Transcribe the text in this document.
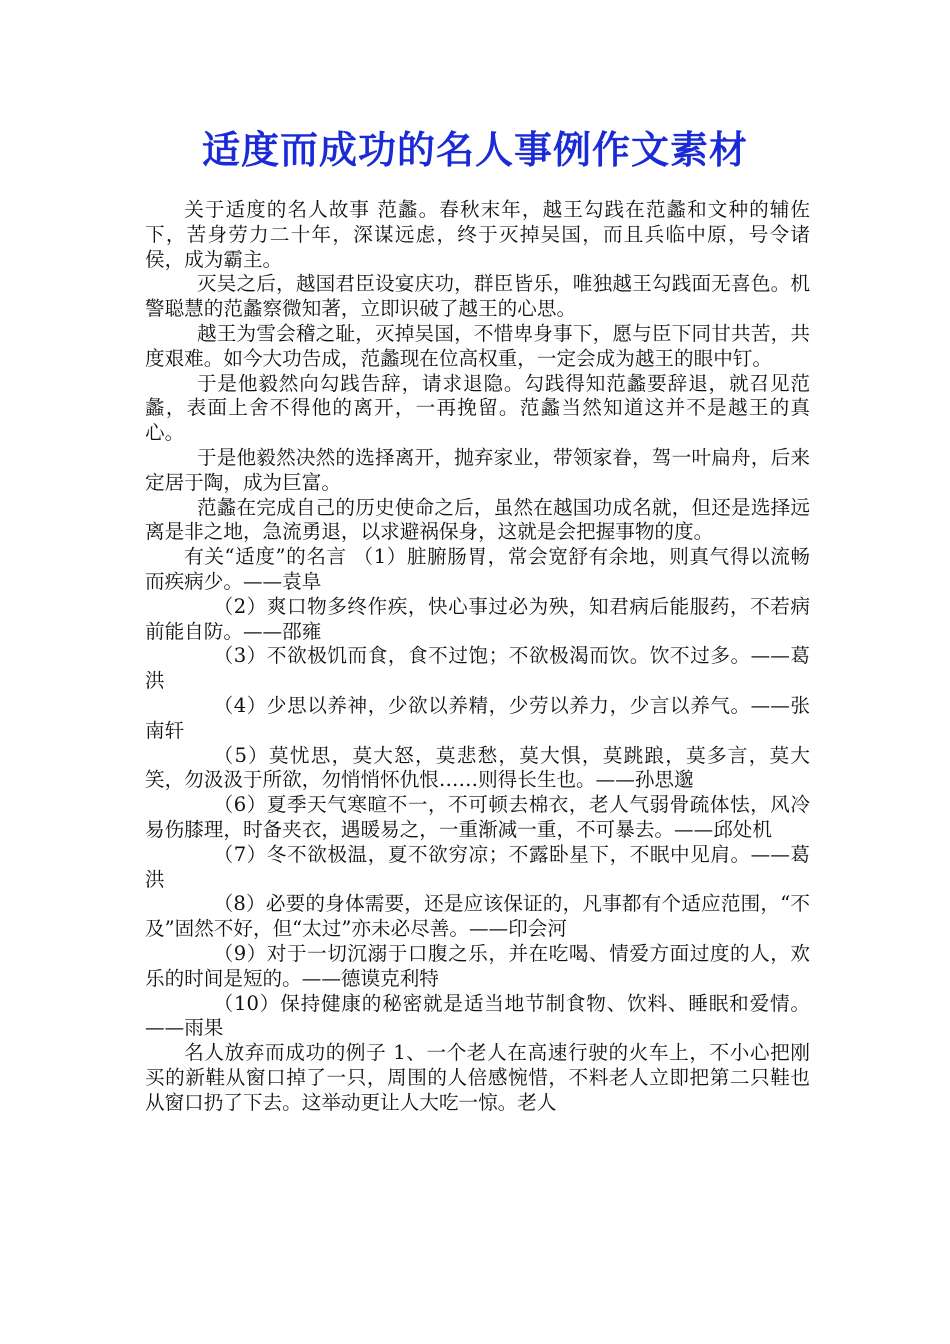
适度而成功的名人事例作文素材

关于适度的名人故事 范蠡。春秋末年，越王勾践在范蠡和文种的辅佐下，苦身劳力二十年，深谋远虑，终于灭掉吴国，而且兵临中原，号令诸侯，成为霸主。

灭吴之后，越国君臣设宴庆功，群臣皆乐，唯独越王勾践面无喜色。机警聪慧的范蠡察微知著，立即识破了越王的心思。

越王为雪会稽之耻，灭掉吴国，不惜卑身事下，愿与臣下同甘共苦，共度艰难。如今大功告成，范蠡现在位高权重，一定会成为越王的眼中钉。

于是他毅然向勾践告辞，请求退隐。勾践得知范蠡要辞退，就召见范蠡，表面上舍不得他的离开，一再挽留。范蠡当然知道这并不是越王的真心。

于是他毅然决然的选择离开，抛弃家业，带领家眷，驾一叶扁舟，后来定居于陶，成为巨富。

范蠡在完成自己的历史使命之后，虽然在越国功成名就，但还是选择远离是非之地，急流勇退，以求避祸保身，这就是会把握事物的度。

有关“适度”的名言 （1）脏腑肠胃，常会宽舒有余地，则真气得以流畅而疾病少。——袁阜

（2）爽口物多终作疾，快心事过必为殃，知君病后能服药，不若病前能自防。——邵雍

（3）不欲极饥而食，食不过饱；不欲极渴而饮。饮不过多。——葛洪

（4）少思以养神，少欲以养精，少劳以养力，少言以养气。——张南轩

（5）莫忧思，莫大怒，莫悲愁，莫大惧，莫跳踉，莫多言，莫大笑，勿汲汲于所欲，勿悄悄怀仇恨……则得长生也。——孙思邈

（6）夏季天气寒暄不一，不可顿去棉衣，老人气弱骨疏体怯，风冷易伤膝理，时备夹衣，遇暖易之，一重渐减一重，不可暴去。——邱处机

（7）冬不欲极温，夏不欲穷凉；不露卧星下，不眠中见肩。——葛洪

（8）必要的身体需要，还是应该保证的，凡事都有个适应范围，“不及”固然不好，但“太过”亦未必尽善。——印会河

（9）对于一切沉溺于口腹之乐，并在吃喝、情爱方面过度的人，欢乐的时间是短的。——德谟克利特

（10）保持健康的秘密就是适当地节制食物、饮料、睡眠和爱情。——雨果

名人放弃而成功的例子 1、一个老人在高速行驶的火车上，不小心把刚买的新鞋从窗口掉了一只，周围的人倍感惋惜，不料老人立即把第二只鞋也从窗口扔了下去。这举动更让人大吃一惊。老人
